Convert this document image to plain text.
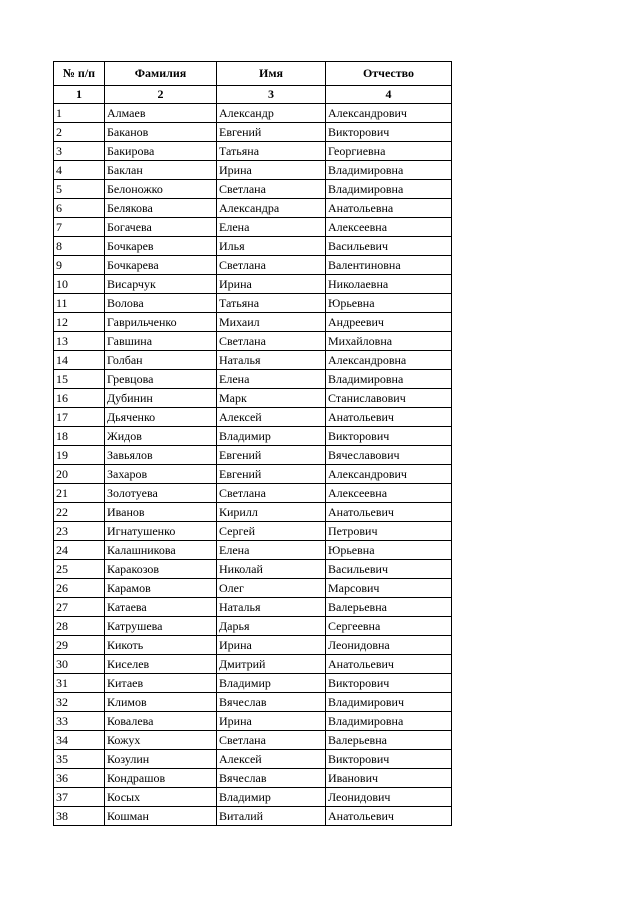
№ п/п	Фамилия	Имя	Отчество
1	2	3	4
1	Алмаев	Александр	Александрович
2	Баканов	Евгений	Викторович
3	Бакирова	Татьяна	Георгиевна
4	Баклан	Ирина	Владимировна
5	Белоножко	Светлана	Владимировна
6	Белякова	Александра	Анатольевна
7	Богачева	Елена	Алексеевна
8	Бочкарев	Илья	Васильевич
9	Бочкарева	Светлана	Валентиновна
10	Висарчук	Ирина	Николаевна
11	Волова	Татьяна	Юрьевна
12	Гаврильченко	Михаил	Андреевич
13	Гавшина	Светлана	Михайловна
14	Голбан	Наталья	Александровна
15	Гревцова	Елена	Владимировна
16	Дубинин	Марк	Станиславович
17	Дьяченко	Алексей	Анатольевич
18	Жидов	Владимир	Викторович
19	Завьялов	Евгений	Вячеславович
20	Захаров	Евгений	Александрович
21	Золотуева	Светлана	Алексеевна
22	Иванов	Кирилл	Анатольевич
23	Игнатушенко	Сергей	Петрович
24	Калашникова	Елена	Юрьевна
25	Каракозов	Николай	Васильевич
26	Карамов	Олег	Марсович
27	Катаева	Наталья	Валерьевна
28	Катрушева	Дарья	Сергеевна
29	Кикоть	Ирина	Леонидовна
30	Киселев	Дмитрий	Анатольевич
31	Китаев	Владимир	Викторович
32	Климов	Вячеслав	Владимирович
33	Ковалева	Ирина	Владимировна
34	Кожух	Светлана	Валерьевна
35	Козулин	Алексей	Викторович
36	Кондрашов	Вячеслав	Иванович
37	Косых	Владимир	Леонидович
38	Кошман	Виталий	Анатольевич
